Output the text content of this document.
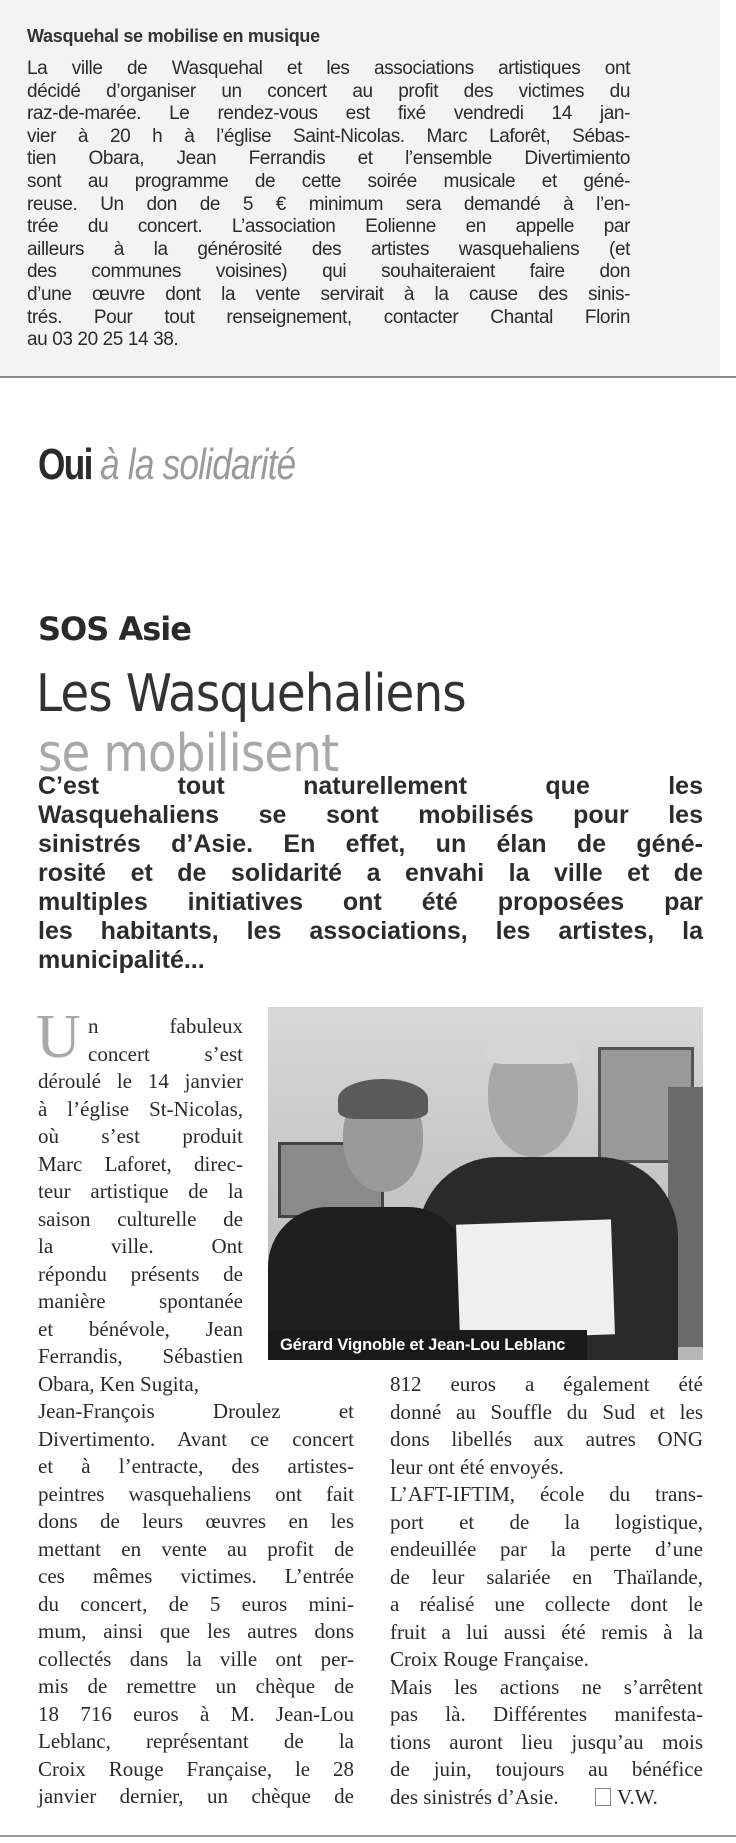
Wasquehal se mobilise en musique
La ville de Wasquehal et les associations artistiques ont
décidé d’organiser un concert au profit des victimes du
raz-de-marée. Le rendez-vous est fixé vendredi 14 jan-
vier à 20 h à l’église Saint-Nicolas. Marc Laforêt, Sébas-
tien Obara, Jean Ferrandis et l’ensemble Divertimiento
sont au programme de cette soirée musicale et géné-
reuse. Un don de 5 € minimum sera demandé à l’en-
trée du concert. L’association Eolienne en appelle par
ailleurs à la générosité des artistes wasquehaliens (et
des communes voisines) qui souhaiteraient faire don
d’une œuvre dont la vente servirait à la cause des sinis-
trés. Pour tout renseignement, contacter Chantal Florin
au 03 20 25 14 38.
Oui à la solidarité
SOS Asie
Les Wasquehaliens
se mobilisent
C’est tout naturellement que les
Wasquehaliens se sont mobilisés pour les
sinistrés d’Asie. En effet, un élan de géné-
rosité et de solidarité a envahi la ville et de
multiples initiatives ont été proposées par
les habitants, les associations, les artistes, la
municipalité...
U n fabuleux
concert s’est
déroulé le 14 janvier
à l’église St-Nicolas,
où s’est produit
Marc Laforet, direc-
teur artistique de la
saison culturelle de
la ville. Ont
répondu présents de
manière spontanée
et bénévole, Jean
Ferrandis, Sébastien
Obara, Ken Sugita,
Jean-François Droulez et
Divertimento. Avant ce concert
et à l’entracte, des artistes-
peintres wasquehaliens ont fait
dons de leurs œuvres en les
mettant en vente au profit de
ces mêmes victimes. L’entrée
du concert, de 5 euros mini-
mum, ainsi que les autres dons
collectés dans la ville ont per-
mis de remettre un chèque de
18 716 euros à M. Jean-Lou
Leblanc, représentant de la
Croix Rouge Française, le 28
janvier dernier, un chèque de
812 euros a également été
donné au Souffle du Sud et les
dons libellés aux autres ONG
leur ont été envoyés.
L’AFT-IFTIM, école du trans-
port et de la logistique,
endeuillée par la perte d’une
de leur salariée en Thaïlande,
a réalisé une collecte dont le
fruit a lui aussi été remis à la
Croix Rouge Française.
Mais les actions ne s’arrêtent
pas là. Différentes manifesta-
tions auront lieu jusqu’au mois
de juin, toujours au bénéfice
des sinistrés d’Asie.	V.W.
Gérard Vignoble et Jean-Lou Leblanc
